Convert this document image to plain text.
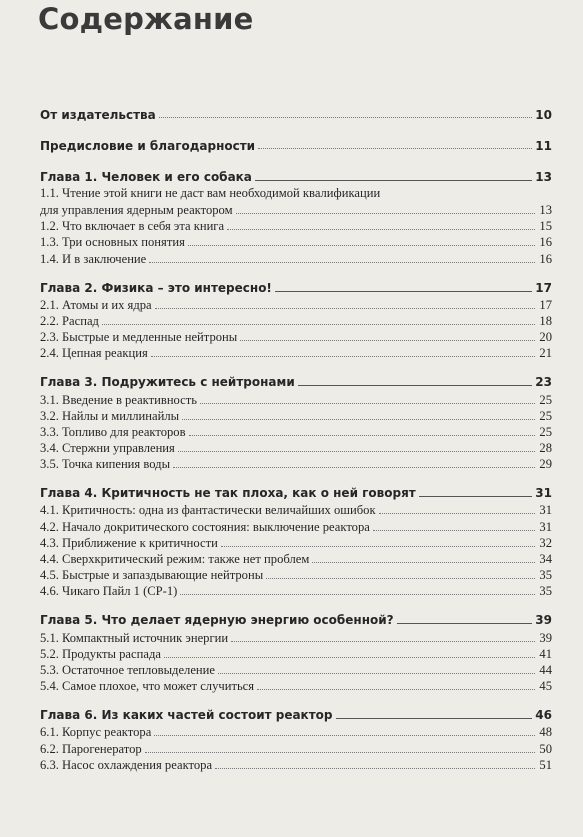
Содержание
От издательства	10
Предисловие и благодарности	11
Глава 1. Человек и его собака	13
1.1. Чтение этой книги не даст вам необходимой квалификации
для управления ядерным реактором	13
1.2. Что включает в себя эта книга	15
1.3. Три основных понятия	16
1.4. И в заключение	16
Глава 2. Физика – это интересно!	17
2.1. Атомы и их ядра	17
2.2. Распад	18
2.3. Быстрые и медленные нейтроны	20
2.4. Цепная реакция	21
Глава 3. Подружитесь с нейтронами	23
3.1. Введение в реактивность	25
3.2. Найлы и миллинайлы	25
3.3. Топливо для реакторов	25
3.4. Стержни управления	28
3.5. Точка кипения воды	29
Глава 4. Критичность не так плоха, как о ней говорят	31
4.1. Критичность: одна из фантастически величайших ошибок	31
4.2. Начало докритического состояния: выключение реактора	31
4.3. Приближение к критичности	32
4.4. Сверхкритический режим: также нет проблем	34
4.5. Быстрые и запаздывающие нейтроны	35
4.6. Чикаго Пайл 1 (CP-1)	35
Глава 5. Что делает ядерную энергию особенной?	39
5.1. Компактный источник энергии	39
5.2. Продукты распада	41
5.3. Остаточное тепловыделение	44
5.4. Самое плохое, что может случиться	45
Глава 6. Из каких частей состоит реактор	46
6.1. Корпус реактора	48
6.2. Парогенератор	50
6.3. Насос охлаждения реактора	51
